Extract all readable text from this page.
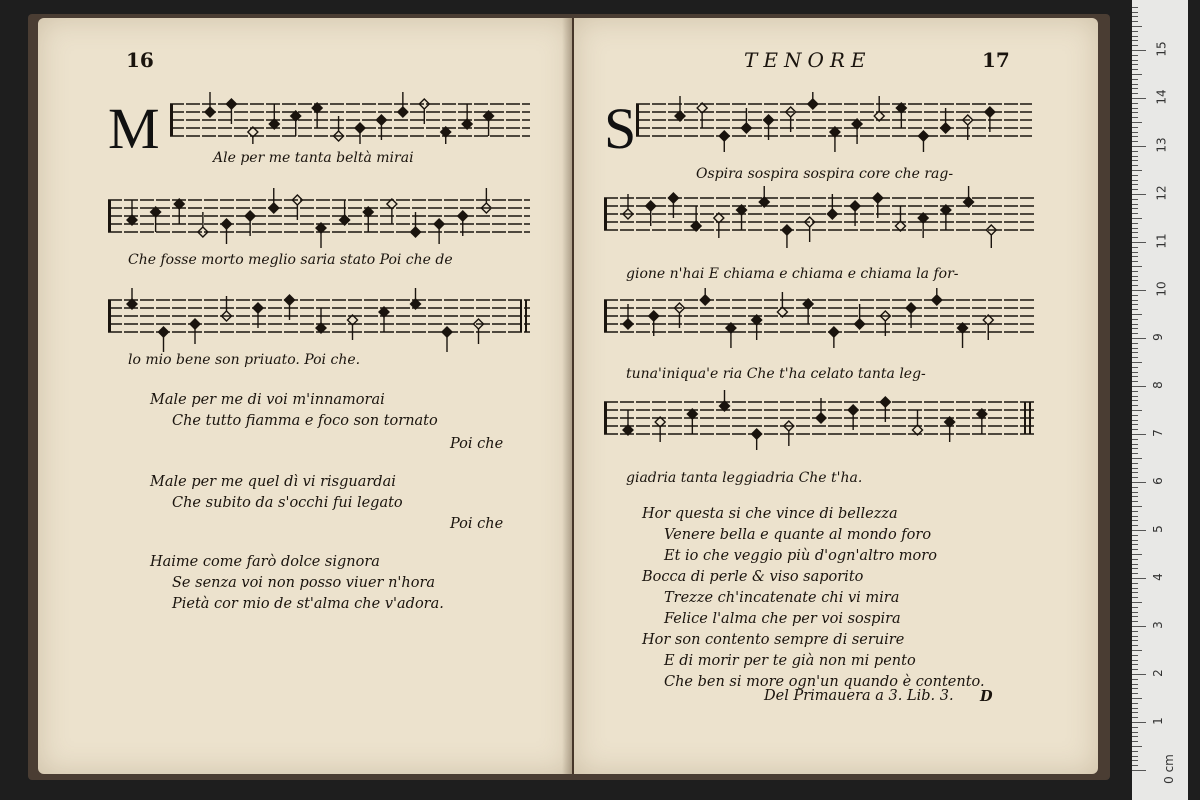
16
M	Ale per me tanta beltà mirai
Che fosse morto meglio saria stato Poi che de
lo mio bene son priuato. Poi che.
Male per me di voi m'innamorai
Che tutto fiamma e foco son tornato
Poi che
Male per me quel dì vi risguardai
Che subito da s'occhi fui legato
Poi che
Haime come farò dolce signora
Se senza voi non posso viuer n'hora
Pietà cor mio de st'alma che v'adora.
TENORE	17
S
Ospira sospira sospira core che rag-
gione n'hai E chiama e chiama e chiama la for-
tuna'iniqua'e ria Che t'ha celato tanta leg-
giadria tanta leggiadria Che t'ha.
Hor questa si che vince di bellezza
Venere bella e quante al mondo foro
Et io che veggio più d'ogn'altro moro
Bocca di perle & viso saporito
Trezze ch'incatenate chi vi mira
Felice l'alma che per voi sospira
Hor son contento sempre di seruire
E di morir per te già non mi pento
Che ben si more ogn'un quando è contento.
Del Primauera a 3. Lib. 3. D
0 cm
1
2
3
4
5
6
7
8
9
10
11
12
13
14
15
